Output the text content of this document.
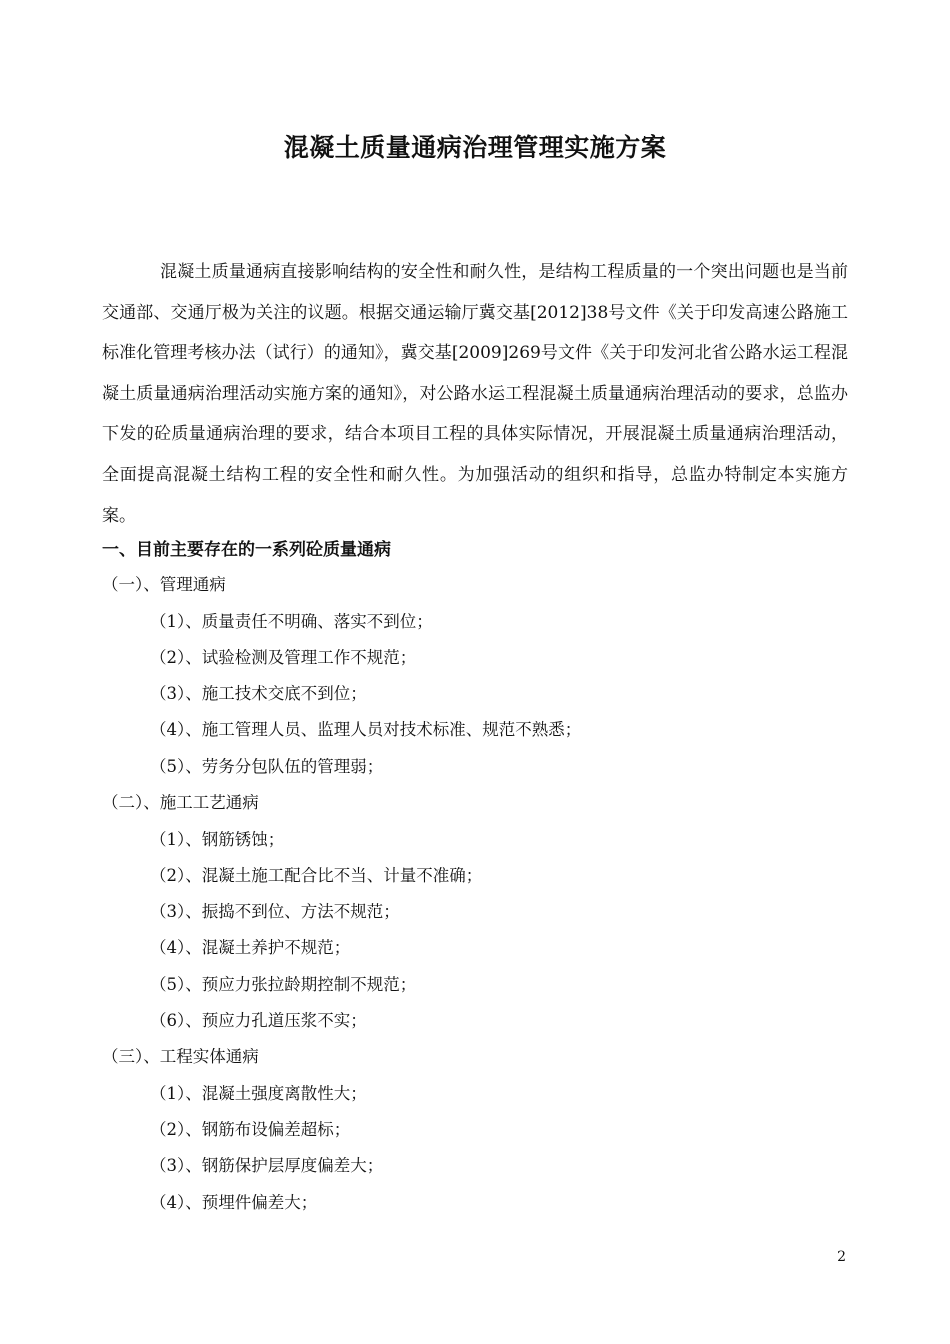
混凝土质量通病治理管理实施方案
混凝土质量通病直接影响结构的安全性和耐久性，是结构工程质量的一个突出问题也是当前交通部、交通厅极为关注的议题。根据交通运输厅冀交基[2012]38号文件《关于印发高速公路施工标准化管理考核办法（试行）的通知》，冀交基[2009]269号文件《关于印发河北省公路水运工程混凝土质量通病治理活动实施方案的通知》，对公路水运工程混凝土质量通病治理活动的要求，总监办下发的砼质量通病治理的要求，结合本项目工程的具体实际情况，开展混凝土质量通病治理活动，全面提高混凝土结构工程的安全性和耐久性。为加强活动的组织和指导，总监办特制定本实施方案。
一、目前主要存在的一系列砼质量通病
（一）、管理通病
（1）、质量责任不明确、落实不到位；
（2）、试验检测及管理工作不规范；
（3）、施工技术交底不到位；
（4）、施工管理人员、监理人员对技术标准、规范不熟悉；
（5）、劳务分包队伍的管理弱；
（二）、施工工艺通病
（1）、钢筋锈蚀；
（2）、混凝土施工配合比不当、计量不准确；
（3）、振捣不到位、方法不规范；
（4）、混凝土养护不规范；
（5）、预应力张拉龄期控制不规范；
（6）、预应力孔道压浆不实；
（三）、工程实体通病
（1）、混凝土强度离散性大；
（2）、钢筋布设偏差超标；
（3）、钢筋保护层厚度偏差大；
（4）、预埋件偏差大；
2
